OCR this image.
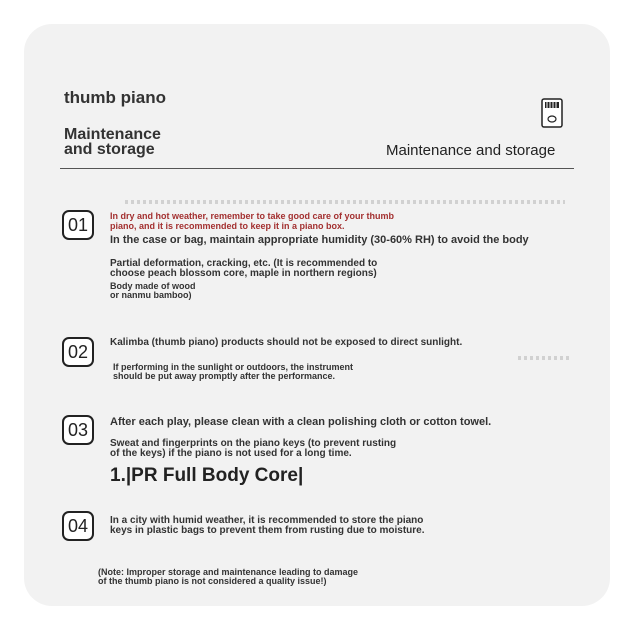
thumb piano
Maintenance
and storage	Maintenance and storage
01	In dry and hot weather, remember to take good care of your thumb
piano, and it is recommended to keep it in a piano box.
In the case or bag, maintain appropriate humidity (30-60% RH) to avoid the body
Partial deformation, cracking, etc. (It is recommended to
choose peach blossom core, maple in northern regions)
Body made of wood
or nanmu bamboo)
02	Kalimba (thumb piano) products should not be exposed to direct sunlight.
If performing in the sunlight or outdoors, the instrument
should be put away promptly after the performance.
03	After each play, please clean with a clean polishing cloth or cotton towel.
Sweat and fingerprints on the piano keys (to prevent rusting
of the keys) if the piano is not used for a long time.
1.|PR Full Body Core|
04	In a city with humid weather, it is recommended to store the piano
keys in plastic bags to prevent them from rusting due to moisture.
(Note: Improper storage and maintenance leading to damage
of the thumb piano is not considered a quality issue!)
